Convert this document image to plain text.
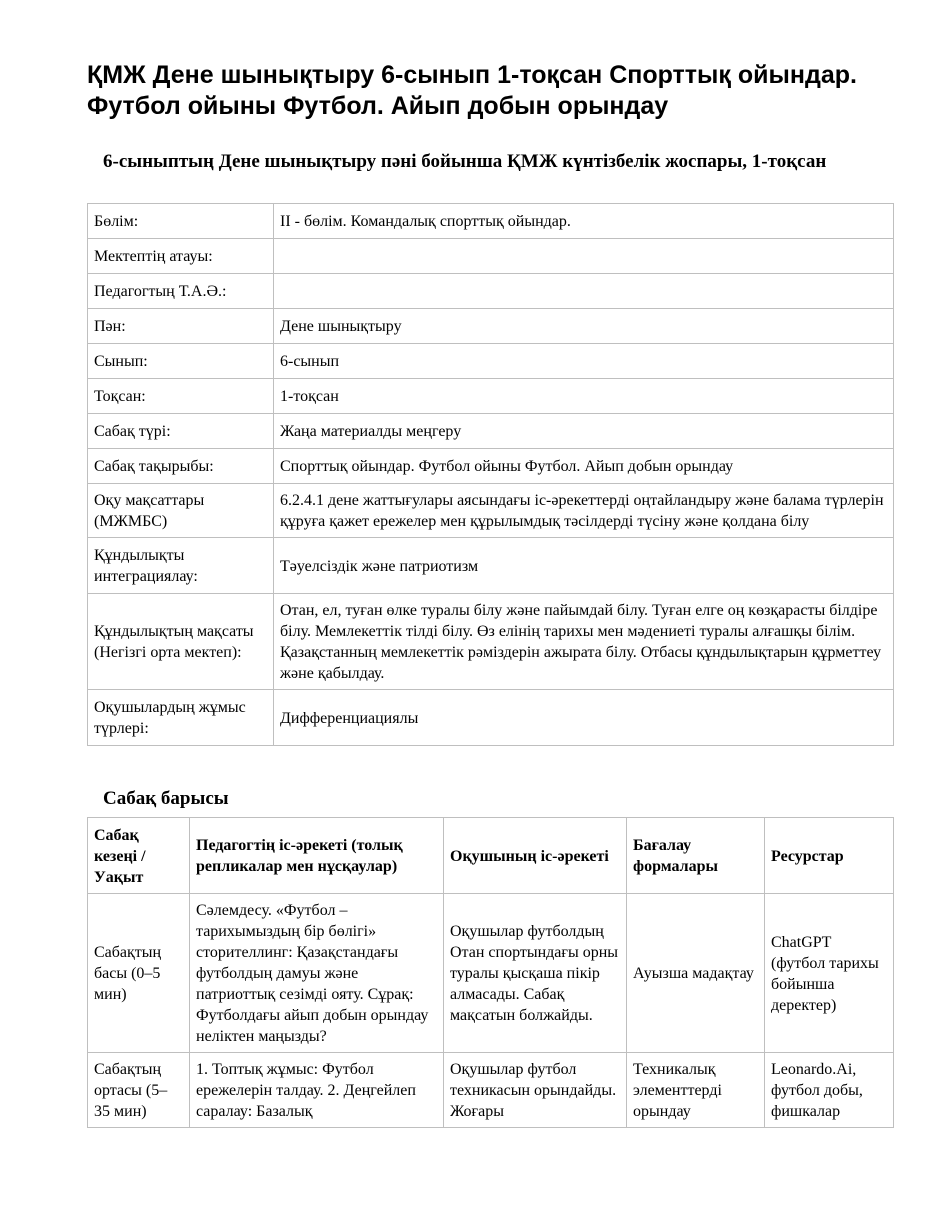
ҚМЖ Дене шынықтыру 6-сынып 1-тоқсан Спорттық ойындар. Футбол ойыны Футбол. Айып добын орындау
6-сыныптың Дене шынықтыру пәні бойынша ҚМЖ күнтізбелік жоспары, 1-тоқсан
Бөлім:	II - бөлім. Командалық спорттық ойындар.
Мектептің атауы:	
Педагогтың Т.А.Ә.:	
Пән:	Дене шынықтыру
Сынып:	6-сынып
Тоқсан:	1-тоқсан
Сабақ түрі:	Жаңа материалды меңгеру
Сабақ тақырыбы:	Спорттық ойындар. Футбол ойыны Футбол. Айып добын орындау
Оқу мақсаттары (МЖМБС)	6.2.4.1 дене жаттығулары аясындағы іс-әрекеттерді оңтайландыру және балама түрлерін құруға қажет ережелер мен құрылымдық тәсілдерді түсіну және қолдана білу
Құндылықты интеграциялау:	Тәуелсіздік және патриотизм
Құндылықтың мақсаты (Негізгі орта мектеп):	Отан, ел, туған өлке туралы білу және пайымдай білу. Туған елге оң көзқарасты білдіре білу. Мемлекеттік тілді білу. Өз елінің тарихы мен мәдениеті туралы алғашқы білім. Қазақстанның мемлекеттік рәміздерін ажырата білу. Отбасы құндылықтарын құрметтеу және қабылдау.
Оқушылардың жұмыс түрлері:	Дифференциациялы
Сабақ барысы
Сабақ кезеңі / Уақыт	Педагогтің іс-әрекеті (толық репликалар мен нұсқаулар)	Оқушының іс-әрекеті	Бағалау формалары	Ресурстар
Сабақтың басы (0–5 мин)	Сәлемдесу. «Футбол – тарихымыздың бір бөлігі» сторителлинг: Қазақстандағы футболдың дамуы және патриоттық сезімді ояту. Сұрақ: Футболдағы айып добын орындау неліктен маңызды?	Оқушылар футболдың Отан спортындағы орны туралы қысқаша пікір алмасады. Сабақ мақсатын болжайды.	Ауызша мадақтау	ChatGPT (футбол тарихы бойынша деректер)

Сабақтың ортасы (5–35 мин)	1. Топтық жұмыс: Футбол ережелерін талдау. 2. Деңгейлеп саралау: Базалық	Оқушылар футбол техникасын орындайды. Жоғары	Техникалық элементтерді орындау	Leonardo.Ai, футбол добы, фишкалар
